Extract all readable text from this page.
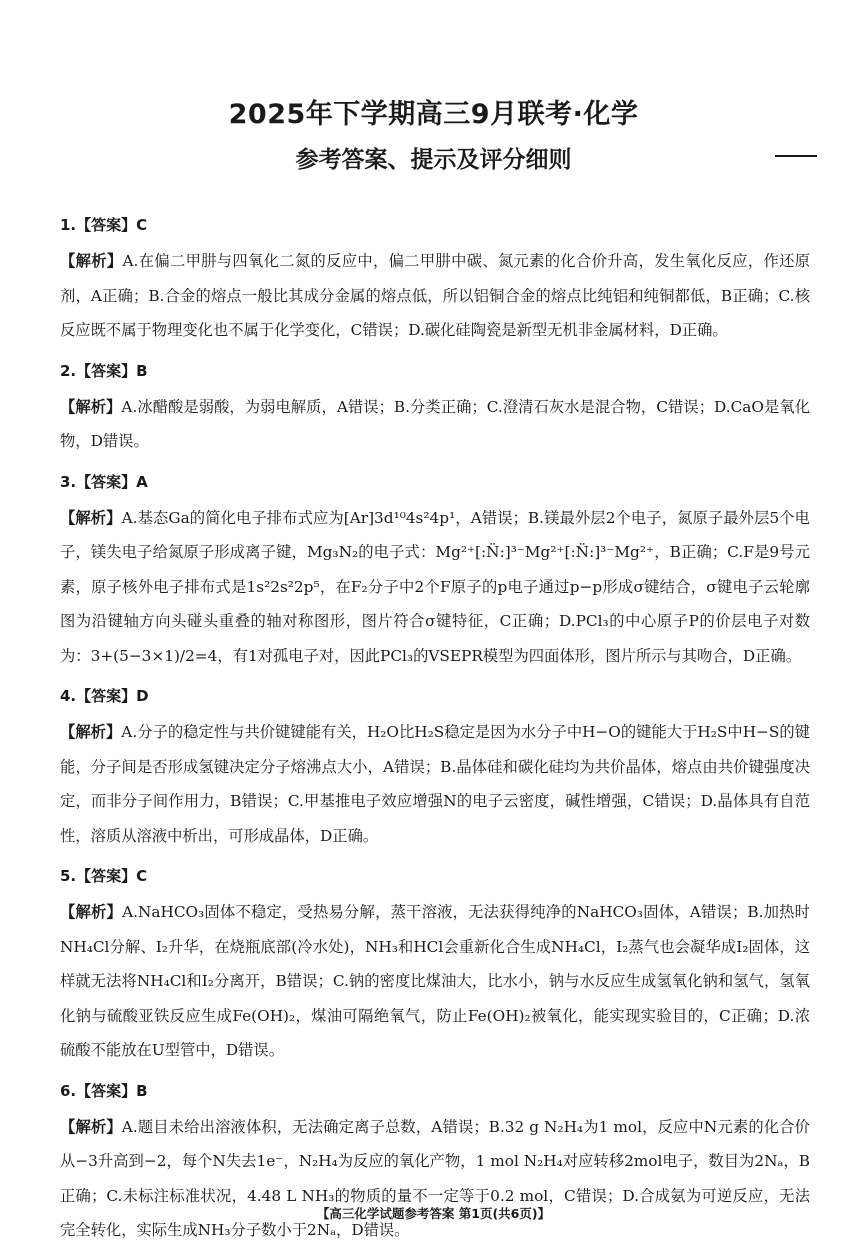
2025年下学期高三9月联考·化学
参考答案、提示及评分细则
1.【答案】C
【解析】A.在偏二甲肼与四氧化二氮的反应中，偏二甲肼中碳、氮元素的化合价升高，发生氧化反应，作还原剂，A正确；B.合金的熔点一般比其成分金属的熔点低，所以铝铜合金的熔点比纯铝和纯铜都低，B正确；C.核反应既不属于物理变化也不属于化学变化，C错误；D.碳化硅陶瓷是新型无机非金属材料，D正确。
2.【答案】B
【解析】A.冰醋酸是弱酸，为弱电解质，A错误；B.分类正确；C.澄清石灰水是混合物，C错误；D.CaO是氧化物，D错误。
3.【答案】A
【解析】A.基态Ga的简化电子排布式应为[Ar]3d¹⁰4s²4p¹，A错误；B.镁最外层2个电子，氮原子最外层5个电子，镁失电子给氮原子形成离子键，Mg₃N₂的电子式：Mg²⁺[:N̈:]³⁻Mg²⁺[:N̈:]³⁻Mg²⁺，B正确；C.F是9号元素，原子核外电子排布式是1s²2s²2p⁵，在F₂分子中2个F原子的p电子通过p−p形成σ键结合，σ键电子云轮廓图为沿键轴方向头碰头重叠的轴对称图形，图片符合σ键特征，C正确；D.PCl₃的中心原子P的价层电子对数为：3+(5−3×1)/2=4，有1对孤电子对，因此PCl₃的VSEPR模型为四面体形，图片所示与其吻合，D正确。
4.【答案】D
【解析】A.分子的稳定性与共价键键能有关，H₂O比H₂S稳定是因为水分子中H−O的键能大于H₂S中H−S的键能，分子间是否形成氢键决定分子熔沸点大小，A错误；B.晶体硅和碳化硅均为共价晶体，熔点由共价键强度决定，而非分子间作用力，B错误；C.甲基推电子效应增强N的电子云密度，碱性增强，C错误；D.晶体具有自范性，溶质从溶液中析出，可形成晶体，D正确。
5.【答案】C
【解析】A.NaHCO₃固体不稳定，受热易分解，蒸干溶液，无法获得纯净的NaHCO₃固体，A错误；B.加热时NH₄Cl分解、I₂升华，在烧瓶底部(冷水处)，NH₃和HCl会重新化合生成NH₄Cl，I₂蒸气也会凝华成I₂固体，这样就无法将NH₄Cl和I₂分离开，B错误；C.钠的密度比煤油大，比水小，钠与水反应生成氢氧化钠和氢气，氢氧化钠与硫酸亚铁反应生成Fe(OH)₂，煤油可隔绝氧气，防止Fe(OH)₂被氧化，能实现实验目的，C正确；D.浓硫酸不能放在U型管中，D错误。
6.【答案】B
【解析】A.题目未给出溶液体积，无法确定离子总数，A错误；B.32 g N₂H₄为1 mol，反应中N元素的化合价从−3升高到−2，每个N失去1e⁻，N₂H₄为反应的氧化产物，1 mol N₂H₄对应转移2mol电子，数目为2Nₐ，B正确；C.未标注标准状况，4.48 L NH₃的物质的量不一定等于0.2 mol，C错误；D.合成氨为可逆反应，无法完全转化，实际生成NH₃分子数小于2Nₐ，D错误。
【高三化学试题参考答案 第1页(共6页)】
